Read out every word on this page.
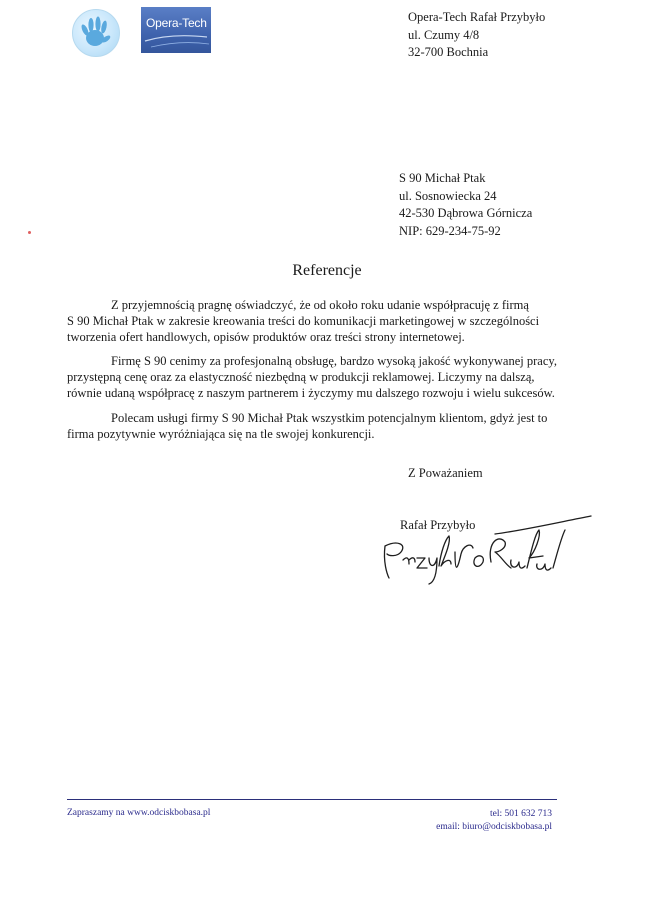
Opera-Tech	Opera-Tech Rafał Przybyło
ul. Czumy 4/8
32-700 Bochnia
S 90 Michał Ptak
ul. Sosnowiecka 24
42-530 Dąbrowa Górnicza
NIP: 629-234-75-92
Referencje
Z przyjemnością pragnę oświadczyć, że od około roku udanie współpracuję z firmą
S 90 Michał Ptak w zakresie kreowania treści do komunikacji marketingowej w szczególności
tworzenia ofert handlowych, opisów produktów oraz treści strony internetowej.
Firmę S 90 cenimy za profesjonalną obsługę, bardzo wysoką jakość wykonywanej pracy,
przystępną cenę oraz za elastyczność niezbędną w produkcji reklamowej. Liczymy na dalszą,
równie udaną współpracę z naszym partnerem i życzymy mu dalszego rozwoju i wielu sukcesów.
Polecam usługi firmy S 90 Michał Ptak wszystkim potencjalnym klientom, gdyż jest to
firma pozytywnie wyróżniająca się na tle swojej konkurencji.
Z Poważaniem
Rafał Przybyło
Zapraszamy na www.odciskbobasa.pl	tel: 501 632 713
email: biuro@odciskbobasa.pl
